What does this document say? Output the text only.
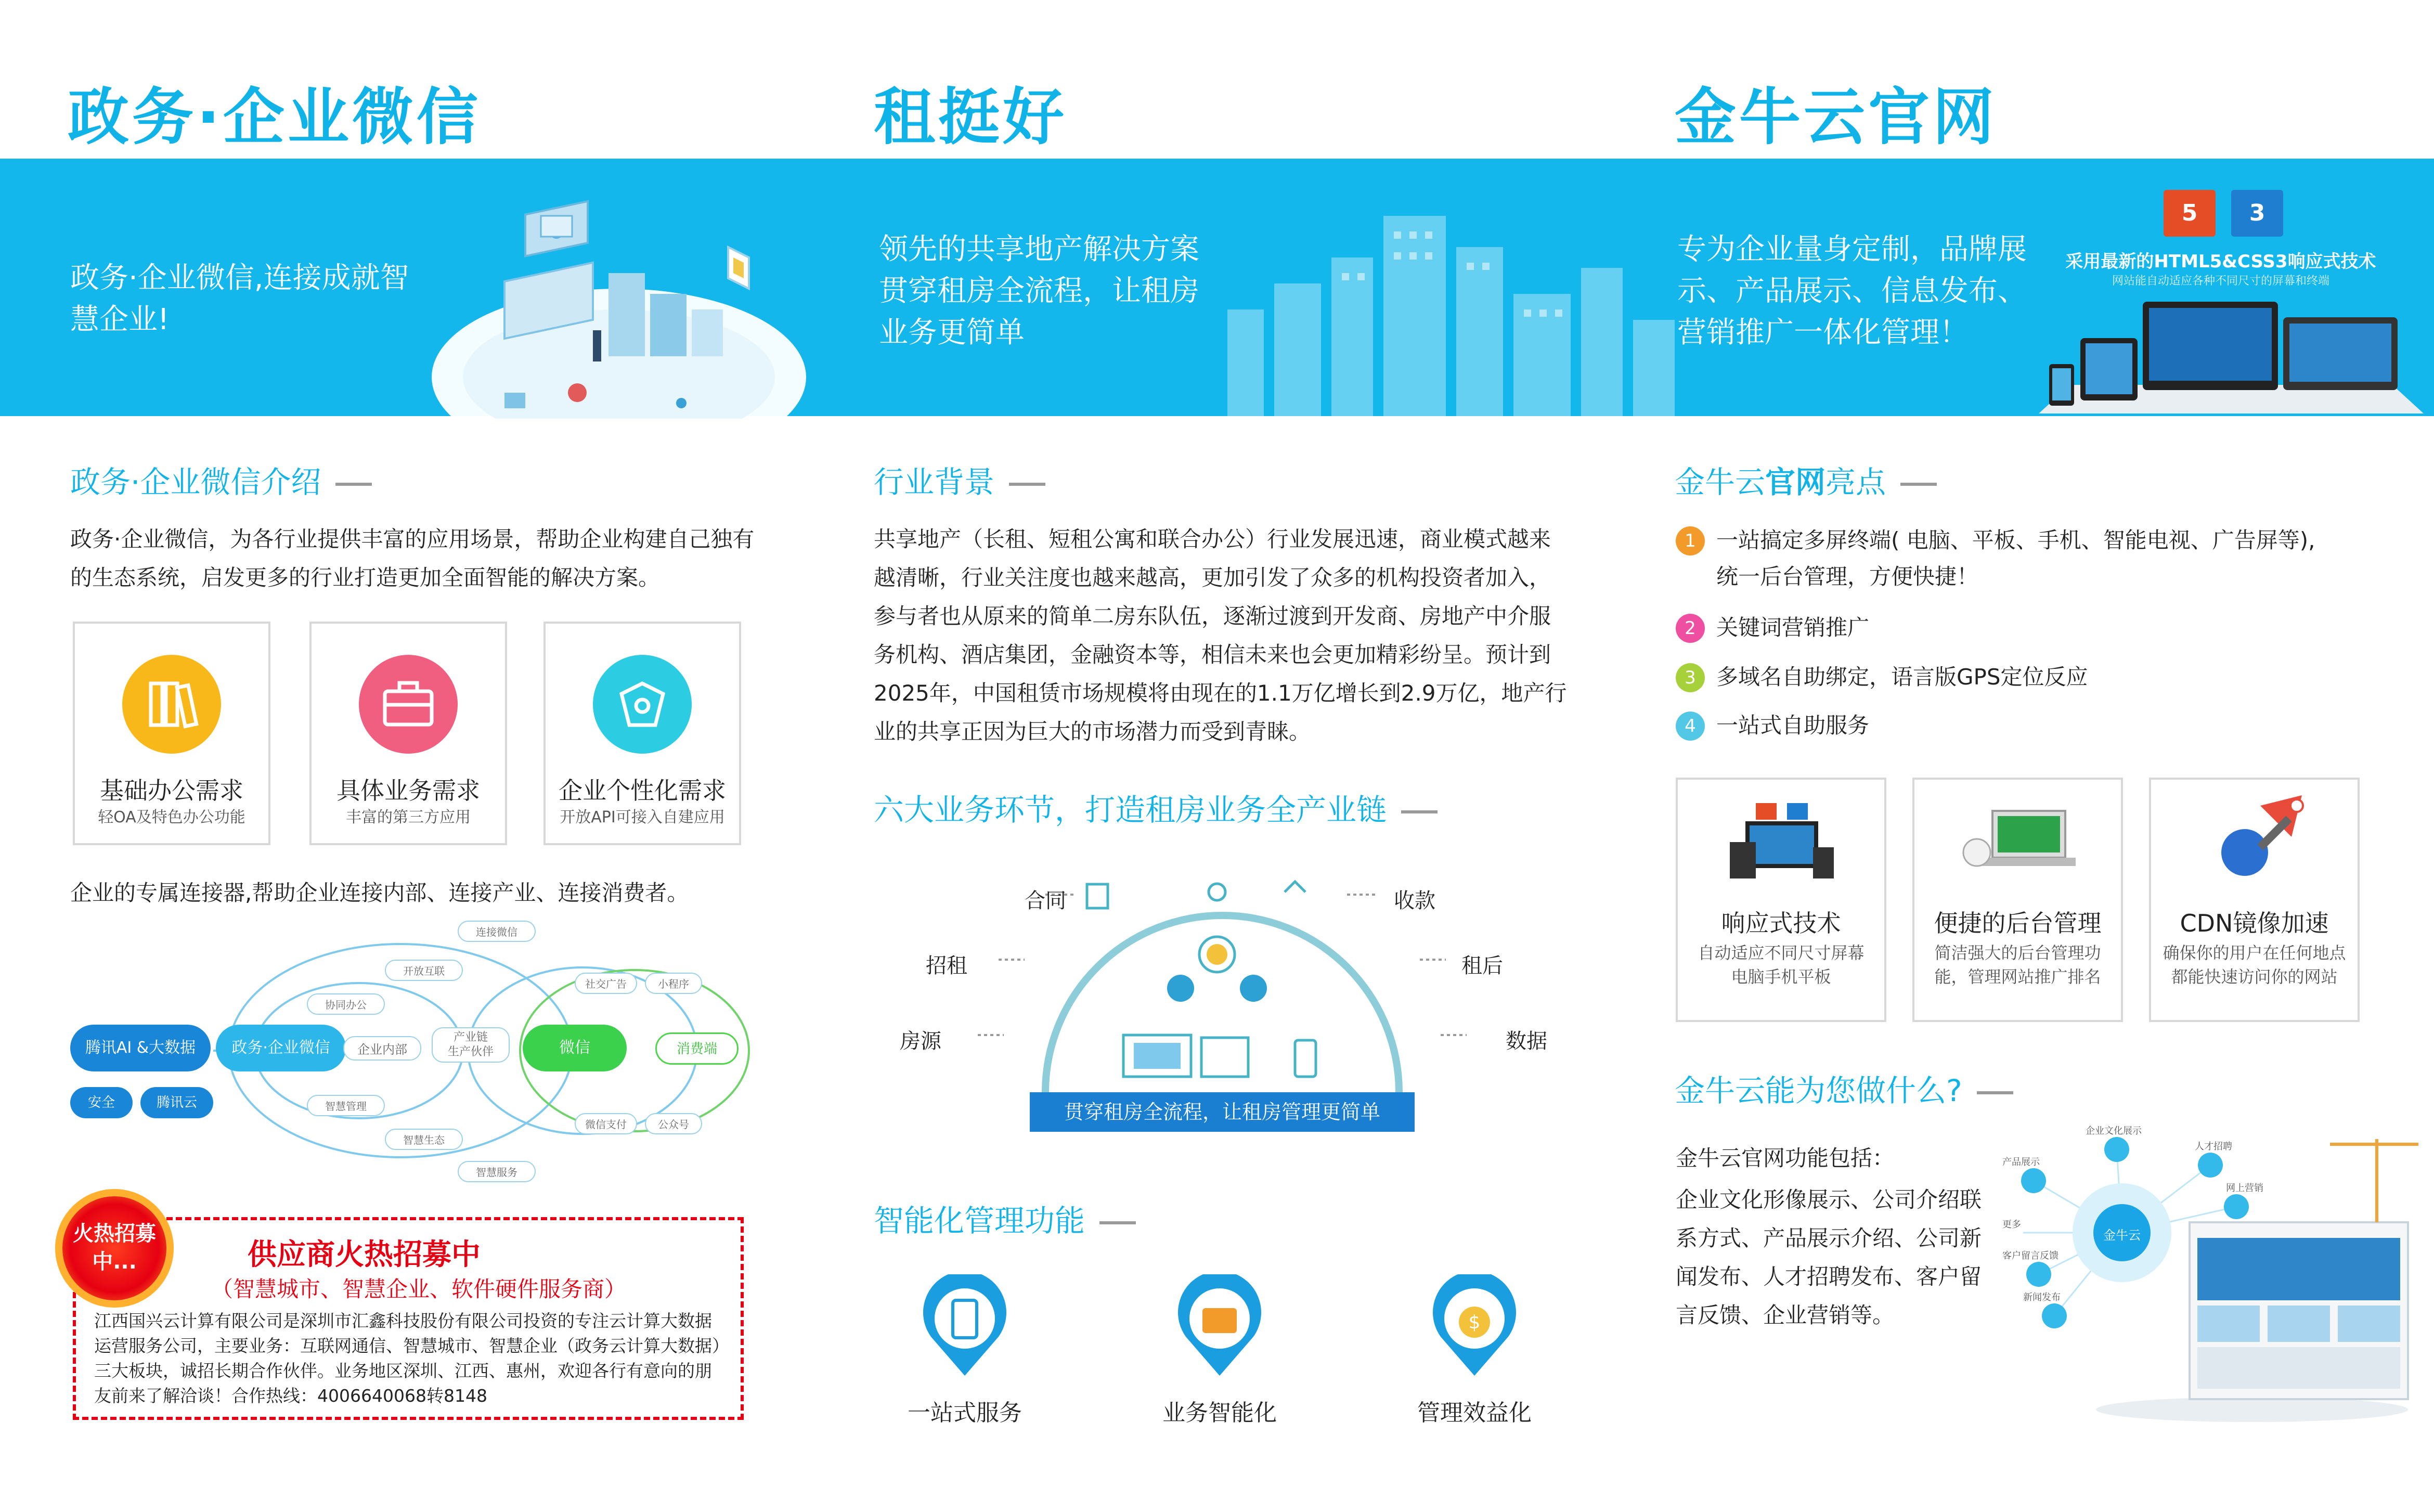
政务·企业微信	租挺好	金牛云官网
政务·企业微信,连接成就智慧企业!
领先的共享地产解决方案
贯穿租房全流程，让租房
业务更简单
专为企业量身定制，品牌展
示、产品展示、信息发布、
营销推广一体化管理！
5	3
采用最新的HTML5&CSS3响应式技术
网站能自动适应各种不同尺寸的屏幕和终端
政务·企业微信介绍
政务·企业微信，为各行业提供丰富的应用场景，帮助企业构建自己独有的生态系统，启发更多的行业打造更加全面智能的解决方案。
基础办公需求
轻OA及特色办公功能
具体业务需求
丰富的第三方应用
企业个性化需求
开放API可接入自建应用
企业的专属连接器,帮助企业连接内部、连接产业、连接消费者。
腾讯AI &大数据	政务·企业微信	微信	消费端
安全	腾讯云
企业内部
产业链
生产伙伴
连接微信
开放互联
协同办公
智慧管理
智慧生态
智慧服务
社交广告	小程序
微信支付	公众号
供应商火热招募中
（智慧城市、智慧企业、软件硬件服务商）
江西国兴云计算有限公司是深圳市汇鑫科技股份有限公司投资的专注云计算大数据运营服务公司，主要业务：互联网通信、智慧城市、智慧企业（政务云计算大数据）三大板块，诚招长期合作伙伴。业务地区深圳、江西、惠州，欢迎各行有意向的朋友前来了解洽谈！合作热线：4006640068转8148
火热招募中...
行业背景
共享地产（长租、短租公寓和联合办公）行业发展迅速，商业模式越来越清晰，行业关注度也越来越高，更加引发了众多的机构投资者加入，参与者也从原来的简单二房东队伍，逐渐过渡到开发商、房地产中介服务机构、酒店集团，金融资本等，相信未来也会更加精彩纷呈。预计到2025年，中国租赁市场规模将由现在的1.1万亿增长到2.9万亿，地产行业的共享正因为巨大的市场潜力而受到青睐。
六大业务环节，打造租房业务全产业链
合同	收款
招租	租后
房源	数据
贯穿租房全流程，让租房管理更简单
智能化管理功能
$
一站式服务	业务智能化	管理效益化
金牛云官网亮点
1 一站搞定多屏终端( 电脑、平板、手机、智能电视、广告屏等),
统一后台管理，方便快捷！
2 关键词营销推广
3 多域名自助绑定，语言版GPS定位反应
4 一站式自助服务
响应式技术
自动适应不同尺寸屏幕
电脑手机平板
便捷的后台管理
简洁强大的后台管理功
能，管理网站推广排名
CDN镜像加速
确保你的用户在任何地点
都能快速访问你的网站
金牛云能为您做什么?
金牛云官网功能包括：
企业文化形像展示、公司介绍联系方式、产品展示介绍、公司新闻发布、人才招聘发布、客户留言反馈、企业营销等。
金牛云
产品展示
企业文化展示
人才招聘
网上营销
新闻发布
客户留言反馈
更多
